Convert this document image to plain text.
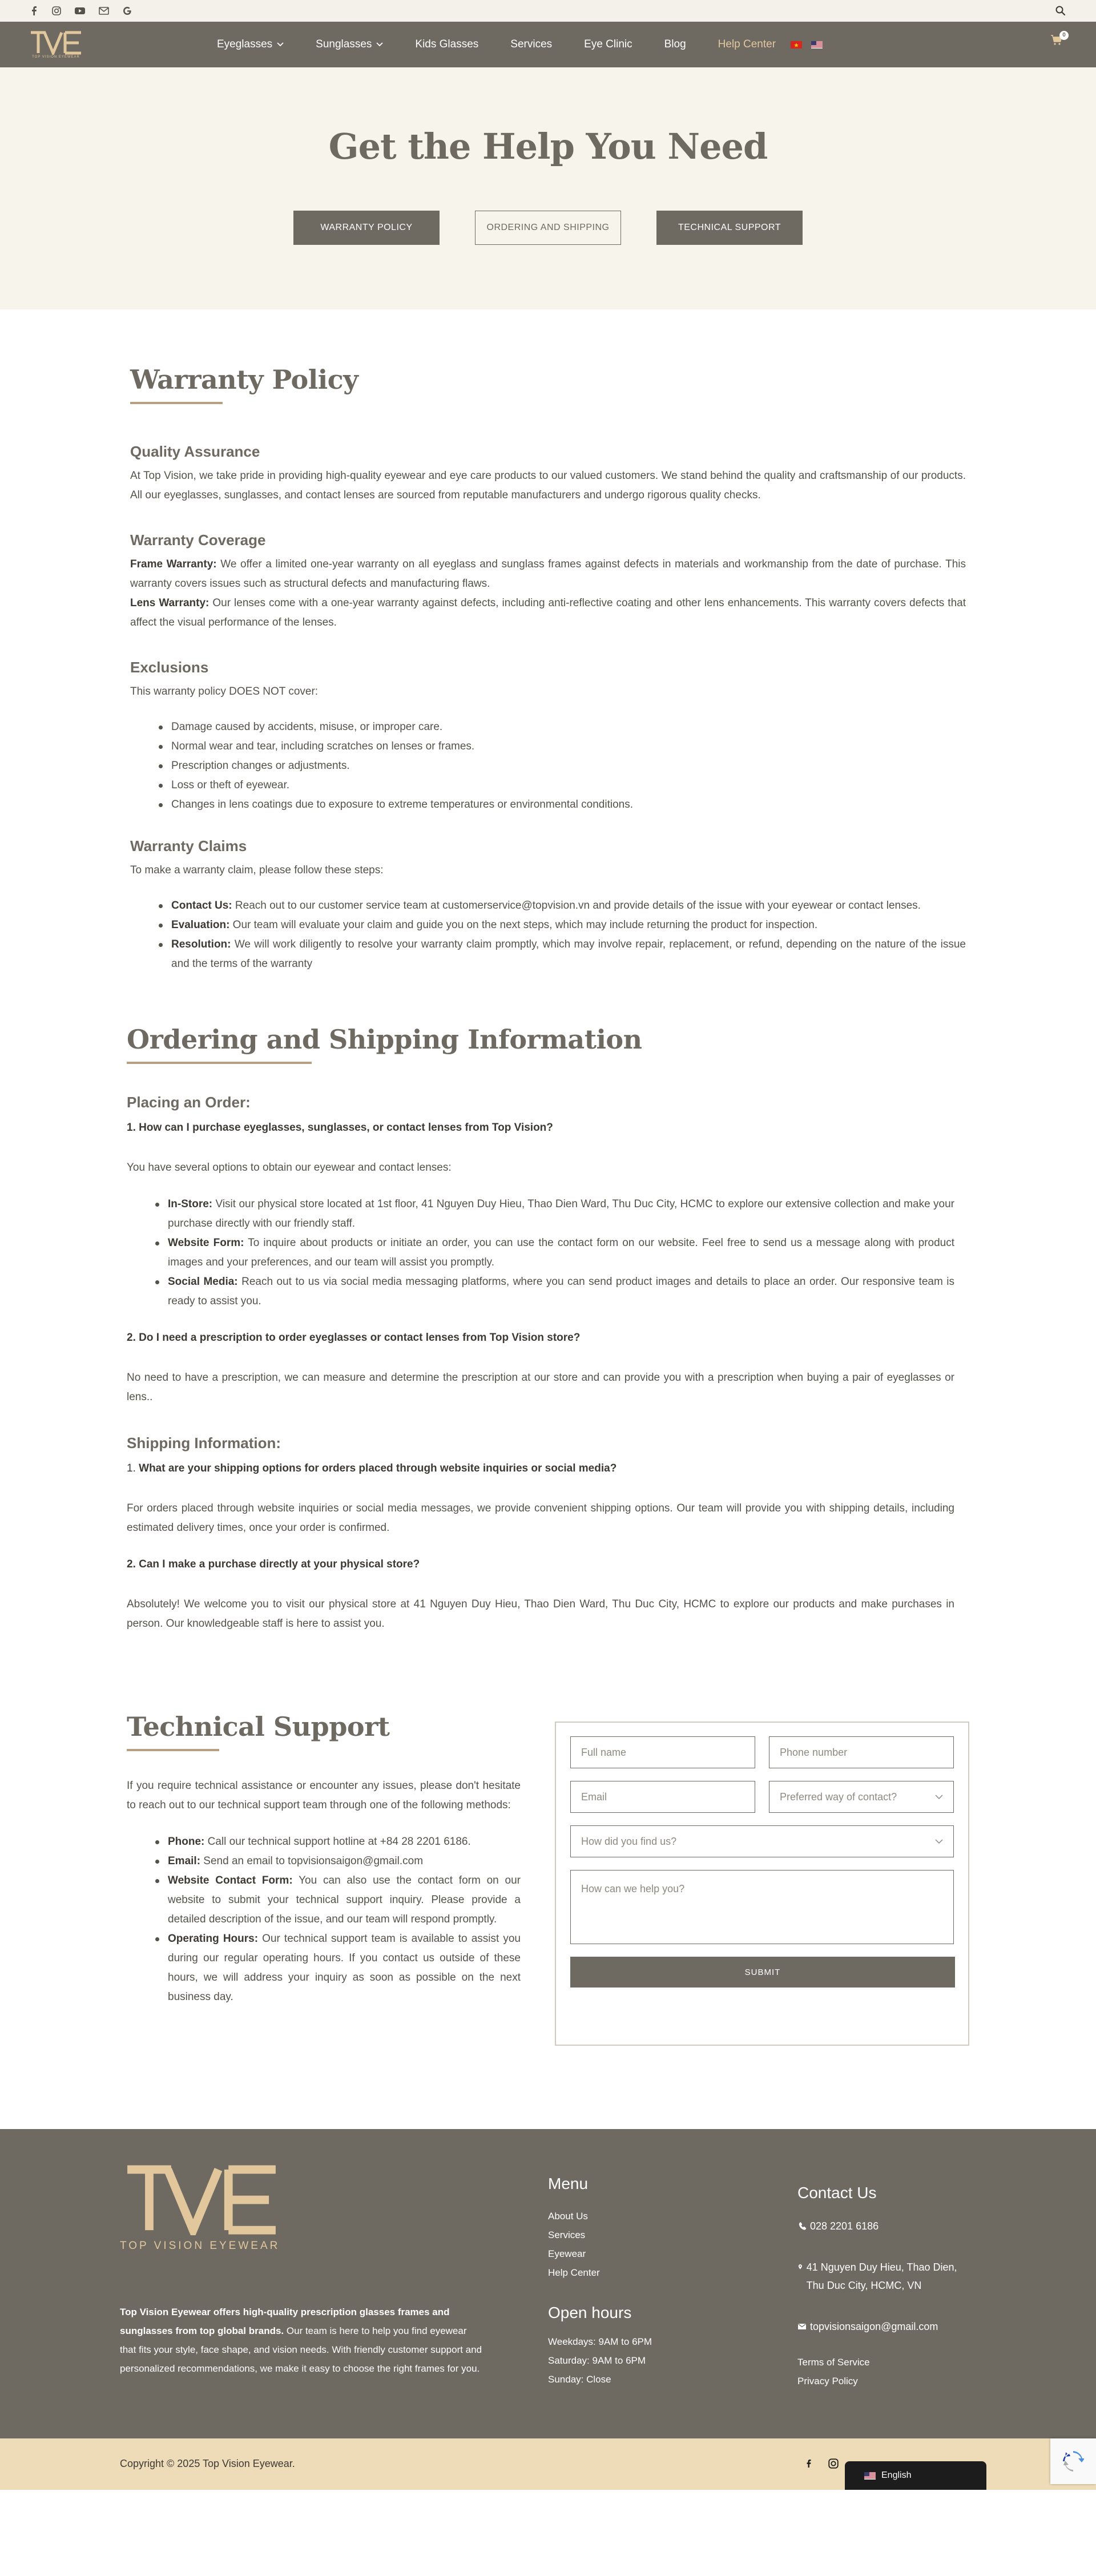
TOP VISION EYEWEAR
Eyeglasses	Sunglasses	Kids Glasses	Services	Eye Clinic	Blog	Help Center
0
Get the Help You Need
WARRANTY POLICY	ORDERING AND SHIPPING	TECHNICAL SUPPORT
Warranty Policy
Quality Assurance

At Top Vision, we take pride in providing high-quality eyewear and eye care products to our valued customers. We stand behind the quality and craftsmanship of our products. All our eyeglasses, sunglasses, and contact lenses are sourced from reputable manufacturers and undergo rigorous quality checks.

Warranty Coverage

Frame Warranty: We offer a limited one-year warranty on all eyeglass and sunglass frames against defects in materials and workmanship from the date of purchase. This warranty covers issues such as structural defects and manufacturing flaws.

Lens Warranty: Our lenses come with a one-year warranty against defects, including anti-reflective coating and other lens enhancements. This warranty covers defects that affect the visual performance of the lenses.

Exclusions

This warranty policy DOES NOT cover:

Damage caused by accidents, misuse, or improper care.
Normal wear and tear, including scratches on lenses or frames.
Prescription changes or adjustments.
Loss or theft of eyewear.
Changes in lens coatings due to exposure to extreme temperatures or environmental conditions.
Warranty Claims

To make a warranty claim, please follow these steps:

Contact Us: Reach out to our customer service team at customerservice@topvision.vn and provide details of the issue with your eyewear or contact lenses.
Evaluation: Our team will evaluate your claim and guide you on the next steps, which may include returning the product for inspection.
Resolution: We will work diligently to resolve your warranty claim promptly, which may involve repair, replacement, or refund, depending on the nature of the issue and the terms of the warranty
Ordering and Shipping Information
Placing an Order:

1. How can I purchase eyeglasses, sunglasses, or contact lenses from Top Vision?

You have several options to obtain our eyewear and contact lenses:

In-Store: Visit our physical store located at 1st floor, 41 Nguyen Duy Hieu, Thao Dien Ward, Thu Duc City, HCMC to explore our extensive collection and make your purchase directly with our friendly staff.
Website Form: To inquire about products or initiate an order, you can use the contact form on our website. Feel free to send us a message along with product images and your preferences, and our team will assist you promptly.
Social Media: Reach out to us via social media messaging platforms, where you can send product images and details to place an order. Our responsive team is ready to assist you.

2. Do I need a prescription to order eyeglasses or contact lenses from Top Vision store?

No need to have a prescription, we can measure and determine the prescription at our store and can provide you with a prescription when buying a pair of eyeglasses or lens..

Shipping Information:

1. What are your shipping options for orders placed through website inquiries or social media?

For orders placed through website inquiries or social media messages, we provide convenient shipping options. Our team will provide you with shipping details, including estimated delivery times, once your order is confirmed.

2. Can I make a purchase directly at your physical store?

Absolutely! We welcome you to visit our physical store at 41 Nguyen Duy Hieu, Thao Dien Ward, Thu Duc City, HCMC to explore our products and make purchases in person. Our knowledgeable staff is here to assist you.

Technical Support

If you require technical assistance or encounter any issues, please don't hesitate to reach out to our technical support team through one of the following methods:

Phone: Call our technical support hotline at +84 28 2201 6186.
Email: Send an email to topvisionsaigon@gmail.com
Website Contact Form: You can also use the contact form on our website to submit your technical support inquiry. Please provide a detailed description of the issue, and our team will respond promptly.
Operating Hours: Our technical support team is available to assist you during our regular operating hours. If you contact us outside of these hours, we will address your inquiry as soon as possible on the next business day.
Full name	Phone number
Email	Preferred way of contact?
How did you find us?
How can we help you?
SUBMIT
TOP VISION EYEWEAR

Top Vision Eyewear offers high-quality prescription glasses frames and sunglasses from top global brands. Our team is here to help you find eyewear that fits your style, face shape, and vision needs. With friendly customer support and personalized recommendations, we make it easy to choose the right frames for you.

Menu
About Us
Services
Eyewear
Help Center
Open hours
Weekdays: 9AM to 6PM
Saturday: 9AM to 6PM
Sunday: Close
Contact Us
028 2201 6186
41 Nguyen Duy Hieu, Thao Dien, Thu Duc City, HCMC, VN
topvisionsaigon@gmail.com
Terms of Service
Privacy Policy
Copyright © 2025 Top Vision Eyewear.
English
